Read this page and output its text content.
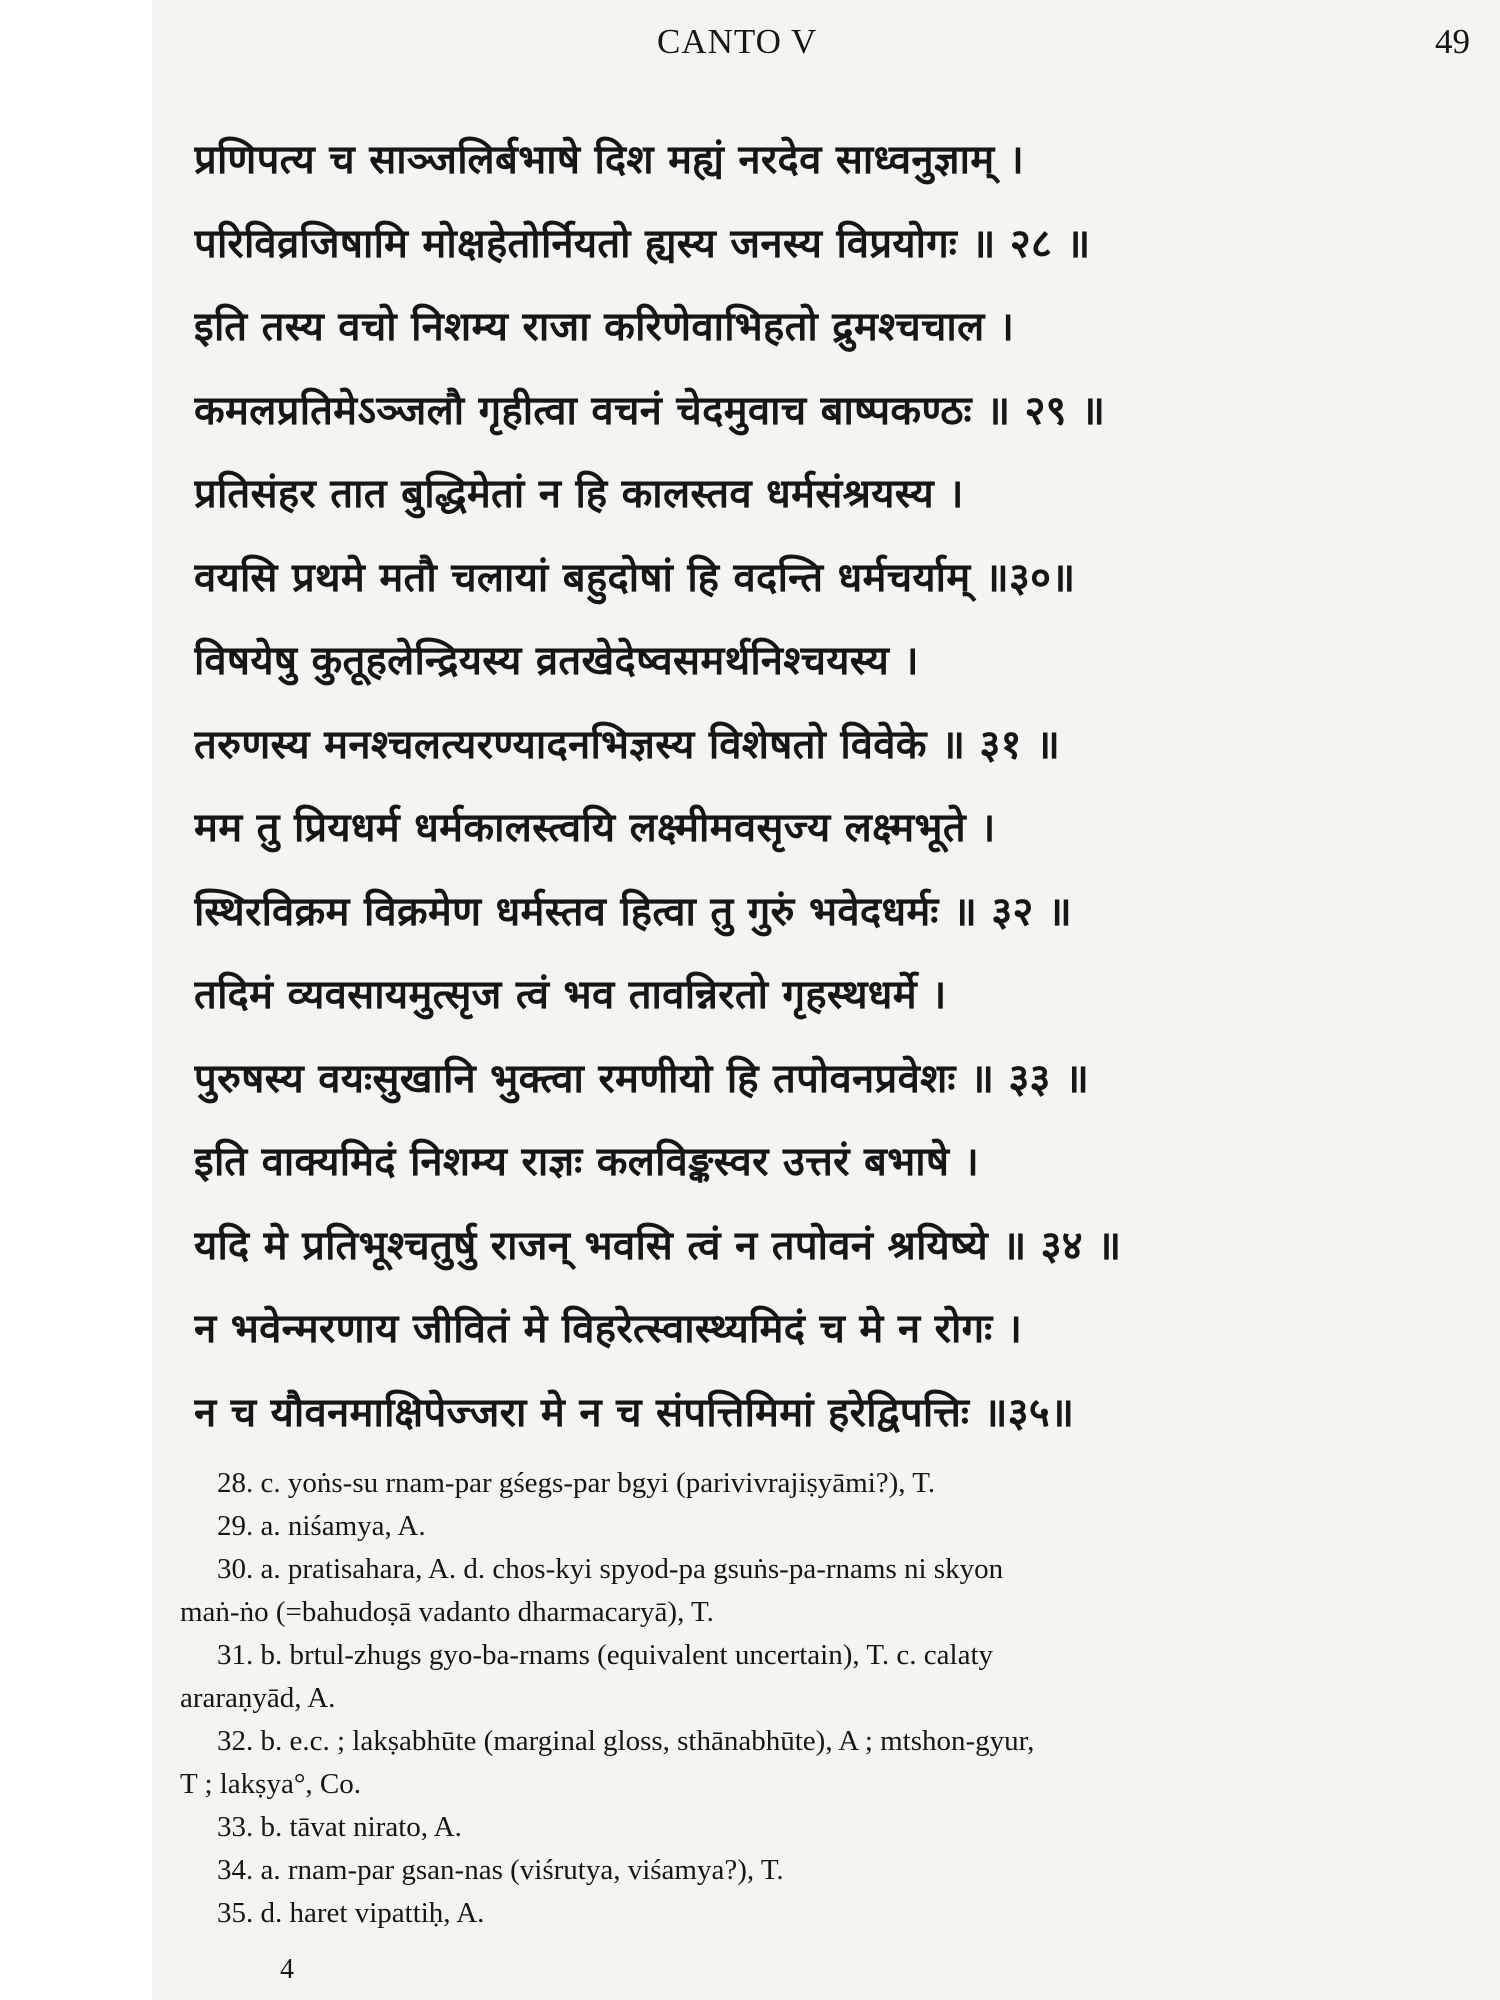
CANTO V	49
प्रणिपत्य च साञ्जलिर्बभाषे दिश मह्यं नरदेव साध्वनुज्ञाम् ।
परिविव्रजिषामि मोक्षहेतोर्नियतो ह्यस्य जनस्य विप्रयोगः ॥ २८ ॥
इति तस्य वचो निशम्य राजा करिणेवाभिहतो द्रुमश्चचाल ।
कमलप्रतिमेऽञ्जलौ गृहीत्वा वचनं चेदमुवाच बाष्पकण्ठः ॥ २९ ॥
प्रतिसंहर तात बुद्धिमेतां न हि कालस्तव धर्मसंश्रयस्य ।
वयसि प्रथमे मतौ चलायां बहुदोषां हि वदन्ति धर्मचर्याम् ॥३०॥
विषयेषु कुतूहलेन्द्रियस्य व्रतखेदेष्वसमर्थनिश्चयस्य ।
तरुणस्य मनश्चलत्यरण्यादनभिज्ञस्य विशेषतो विवेके ॥ ३१ ॥
मम तु प्रियधर्म धर्मकालस्त्वयि लक्ष्मीमवसृज्य लक्ष्मभूते ।
स्थिरविक्रम विक्रमेण धर्मस्तव हित्वा तु गुरुं भवेदधर्मः ॥ ३२ ॥
तदिमं व्यवसायमुत्सृज त्वं भव तावन्निरतो गृहस्थधर्मे ।
पुरुषस्य वयःसुखानि भुक्त्वा रमणीयो हि तपोवनप्रवेशः ॥ ३३ ॥
इति वाक्यमिदं निशम्य राज्ञः कलविङ्कस्वर उत्तरं बभाषे ।
यदि मे प्रतिभूश्चतुर्षु राजन् भवसि त्वं न तपोवनं श्रयिष्ये ॥ ३४ ॥
न भवेन्मरणाय जीवितं मे विहरेत्स्वास्थ्यमिदं च मे न रोगः ।
न च यौवनमाक्षिपेज्जरा मे न च संपत्तिमिमां हरेद्विपत्तिः ॥३५॥
28. c. yoṅs-su rnam-par gśegs-par bgyi (parivivrajiṣyāmi?), T.
29. a. niśamya, A.
30. a. pratisahara, A. d. chos-kyi spyod-pa gsuṅs-pa-rnams ni skyon
maṅ-ṅo (=bahudoṣā vadanto dharmacaryā), T.
31. b. brtul-zhugs gyo-ba-rnams (equivalent uncertain), T. c. calaty
araraṇyād, A.
32. b. e.c. ; lakṣabhūte (marginal gloss, sthānabhūte), A ; mtshon-gyur,
T ; lakṣya°, Co.
33. b. tāvat nirato, A.
34. a. rnam-par gsan-nas (viśrutya, viśamya?), T.
35. d. haret vipattiḥ, A.
4
